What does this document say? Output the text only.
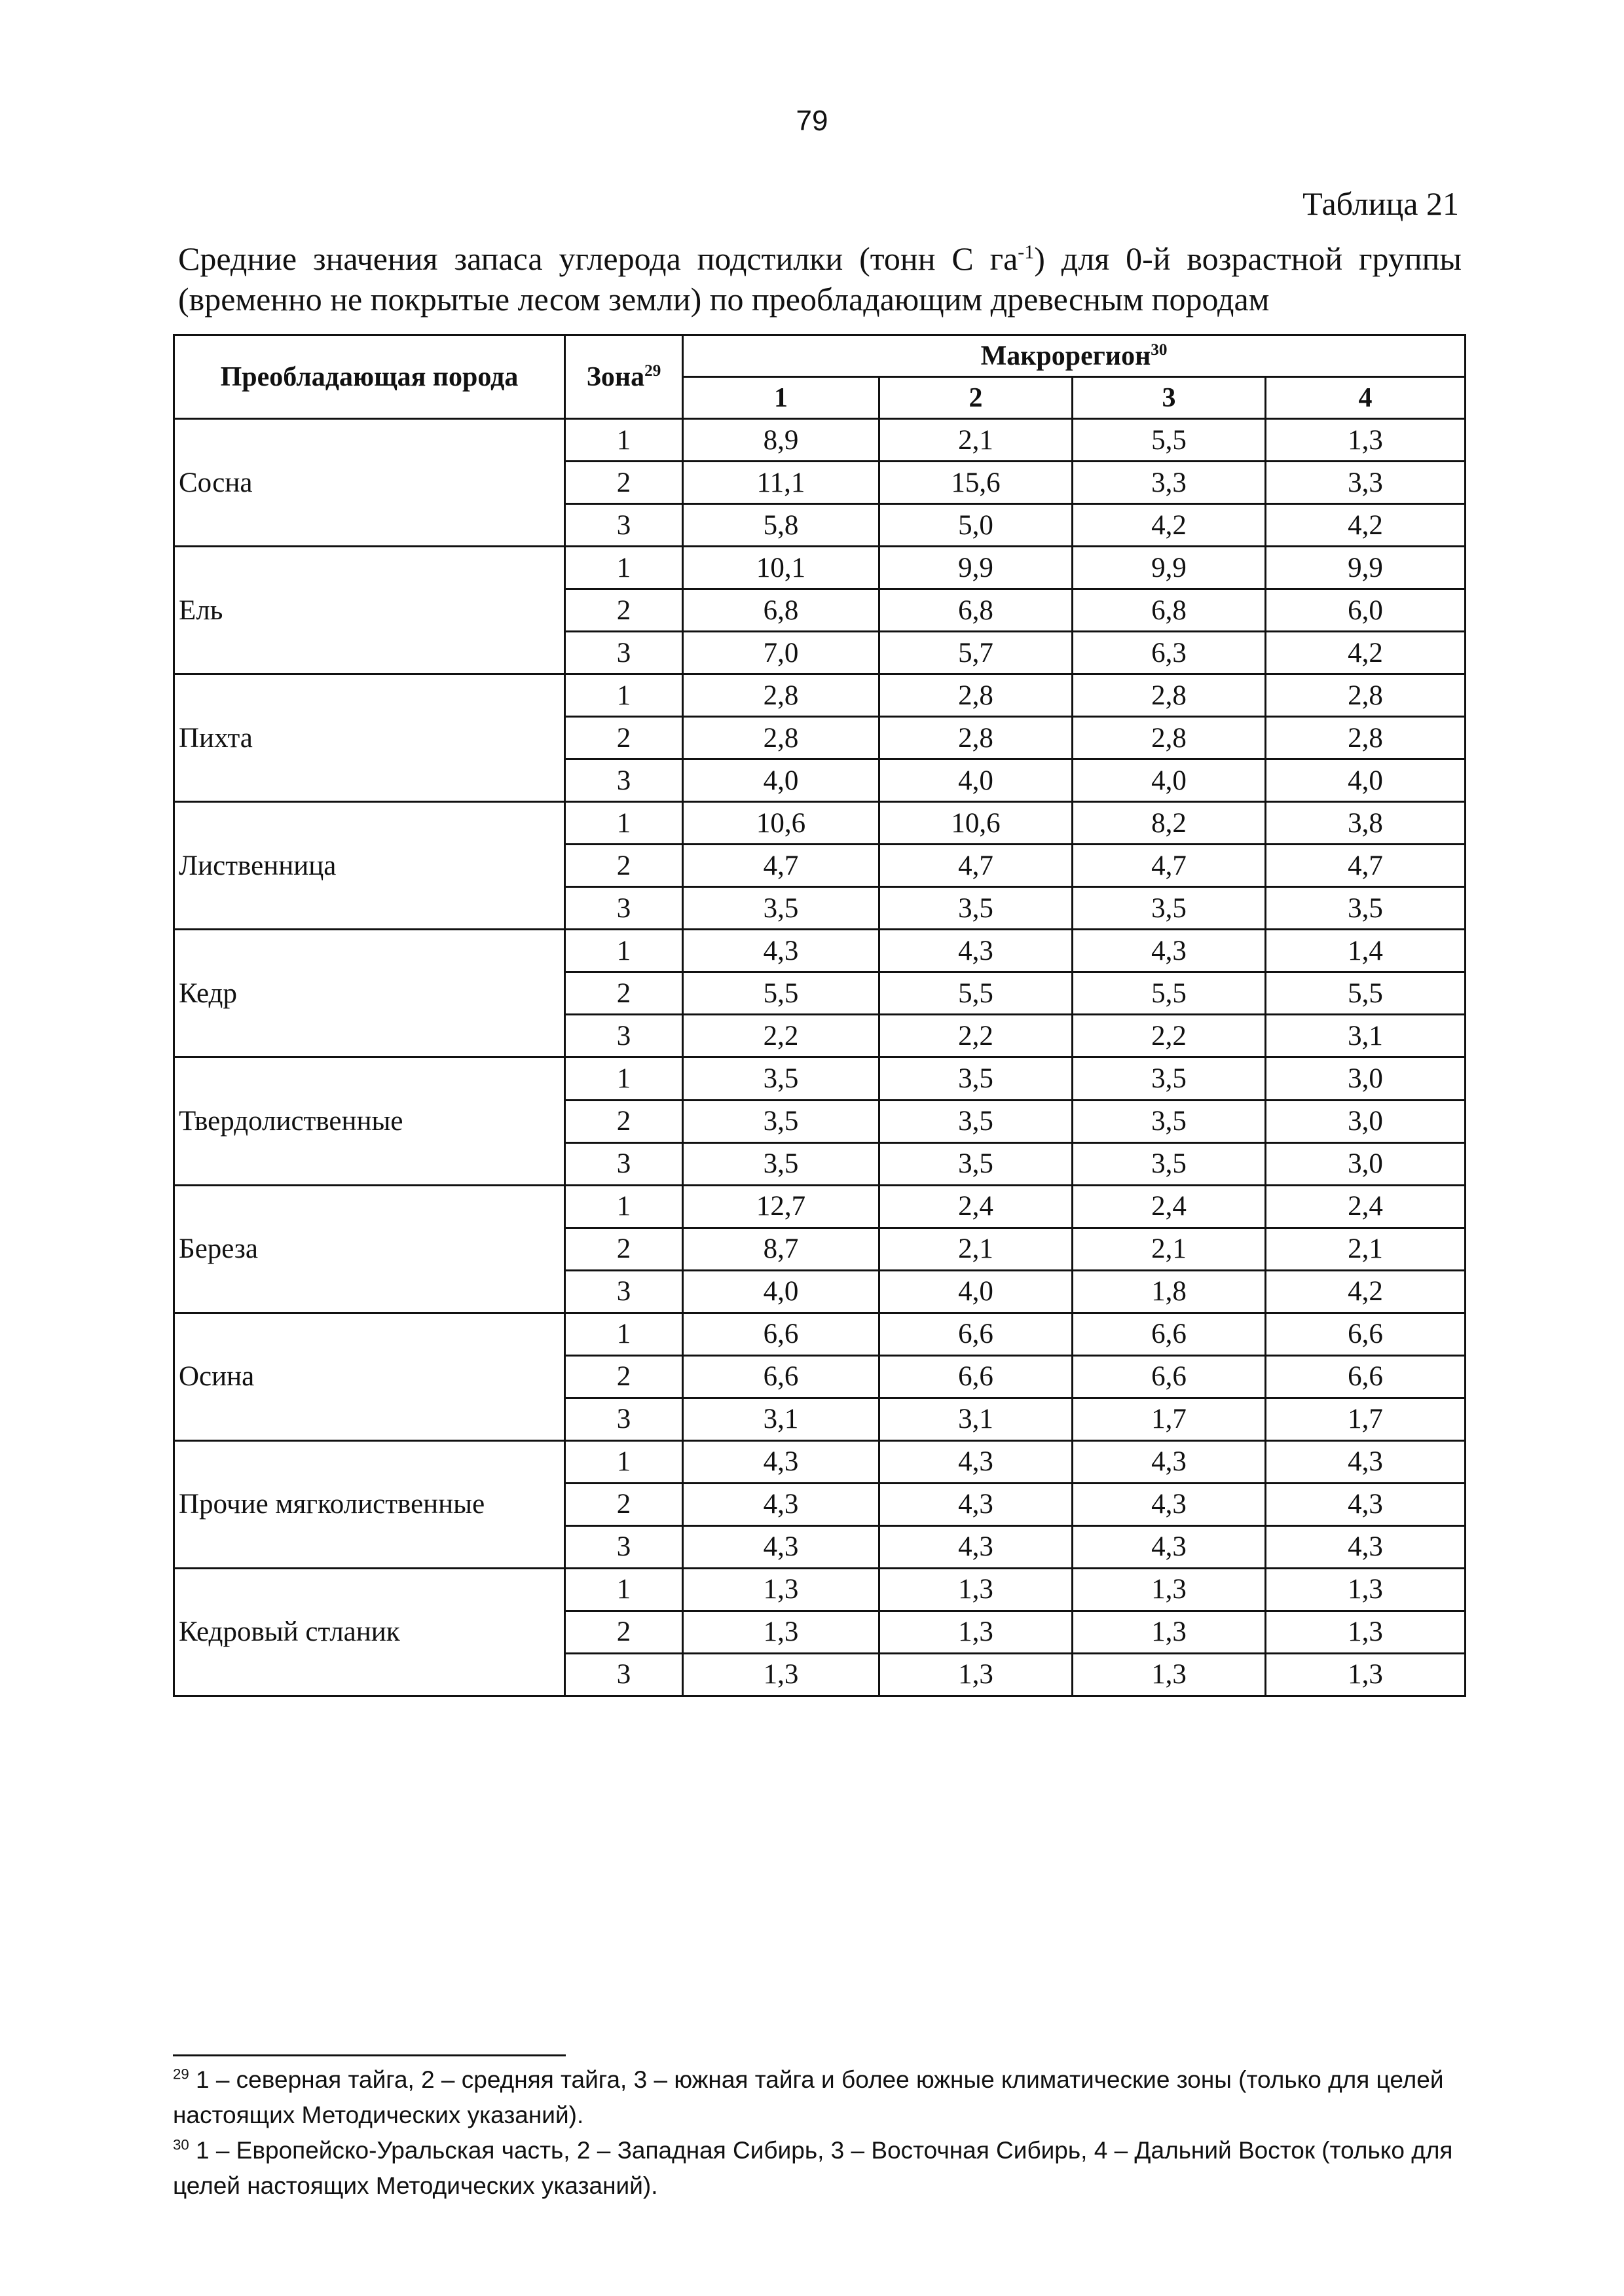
79
Таблица 21
Средние значения запаса углерода подстилки (тонн С $га^{-1}$) для 0-й возрастной группы
(временно не покрытые лесом земли) по преобладающим древесным породам
Преобладающая порода	Зона$^{29}$	Макрорегион$^{30}$
		1	2	3	4
Сосна	1	8,9	2,1	5,5	1,3
	2	11,1	15,6	3,3	3,3
	3	5,8	5,0	4,2	4,2
Ель	1	10,1	9,9	9,9	9,9
	2	6,8	6,8	6,8	6,0
	3	7,0	5,7	6,3	4,2
Пихта	1	2,8	2,8	2,8	2,8
	2	2,8	2,8	2,8	2,8
	3	4,0	4,0	4,0	4,0
Лиственница	1	10,6	10,6	8,2	3,8
	2	4,7	4,7	4,7	4,7
	3	3,5	3,5	3,5	3,5
Кедр	1	4,3	4,3	4,3	1,4
	2	5,5	5,5	5,5	5,5
	3	2,2	2,2	2,2	3,1
Твердолиственные	1	3,5	3,5	3,5	3,0
	2	3,5	3,5	3,5	3,0
	3	3,5	3,5	3,5	3,0
Береза	1	12,7	2,4	2,4	2,4
	2	8,7	2,1	2,1	2,1
	3	4,0	4,0	1,8	4,2
Осина	1	6,6	6,6	6,6	6,6
	2	6,6	6,6	6,6	6,6
	3	3,1	3,1	1,7	1,7
Прочие мягколиственные	1	4,3	4,3	4,3	4,3
	2	4,3	4,3	4,3	4,3
	3	4,3	4,3	4,3	4,3
Кедровый стланик	1	1,3	1,3	1,3	1,3
	2	1,3	1,3	1,3	1,3
	3	1,3	1,3	1,3	1,3

$^{29}$ 1 – северная тайга, 2 – средняя тайга, 3 – южная тайга и более южные климатические зоны (только для целей настоящих Методических указаний).

$^{30}$ 1 – Европейско-Уральская часть, 2 – Западная Сибирь, 3 – Восточная Сибирь, 4 – Дальний Восток (только для целей настоящих Методических указаний).
